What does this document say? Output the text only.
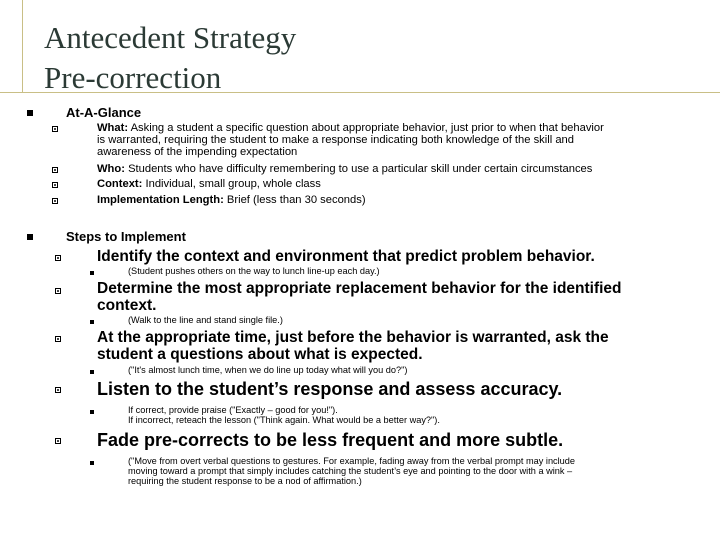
Antecedent Strategy
Pre-correction
At-A-Glance
What: Asking a student a specific question about appropriate behavior, just prior to when that behavior
is warranted, requiring the student to make a response indicating both knowledge of the skill and
awareness of the impending expectation
Who: Students who have difficulty remembering to use a particular skill under certain circumstances
Context: Individual, small group, whole class
Implementation Length: Brief (less than 30 seconds)
Steps to Implement
Identify the context and environment that predict problem behavior.
(Student pushes others on the way to lunch line-up each day.)
Determine the most appropriate replacement behavior for the identified
context.
(Walk to the line and stand single file.)
At the appropriate time, just before the behavior is warranted, ask the
student a questions about what is expected.
("It's almost lunch time, when we do line up today what will you do?")
Listen to the student’s response and assess accuracy.
If correct, provide praise ("Exactly – good for you!").
If incorrect, reteach the lesson ("Think again. What would be a better way?").
Fade pre-corrects to be less frequent and more subtle.
("Move from overt verbal questions to gestures. For example, fading away from the verbal prompt may include
moving toward a prompt that simply includes catching the student’s eye and pointing to the door with a wink –
requiring the student response to be a nod of affirmation.)
